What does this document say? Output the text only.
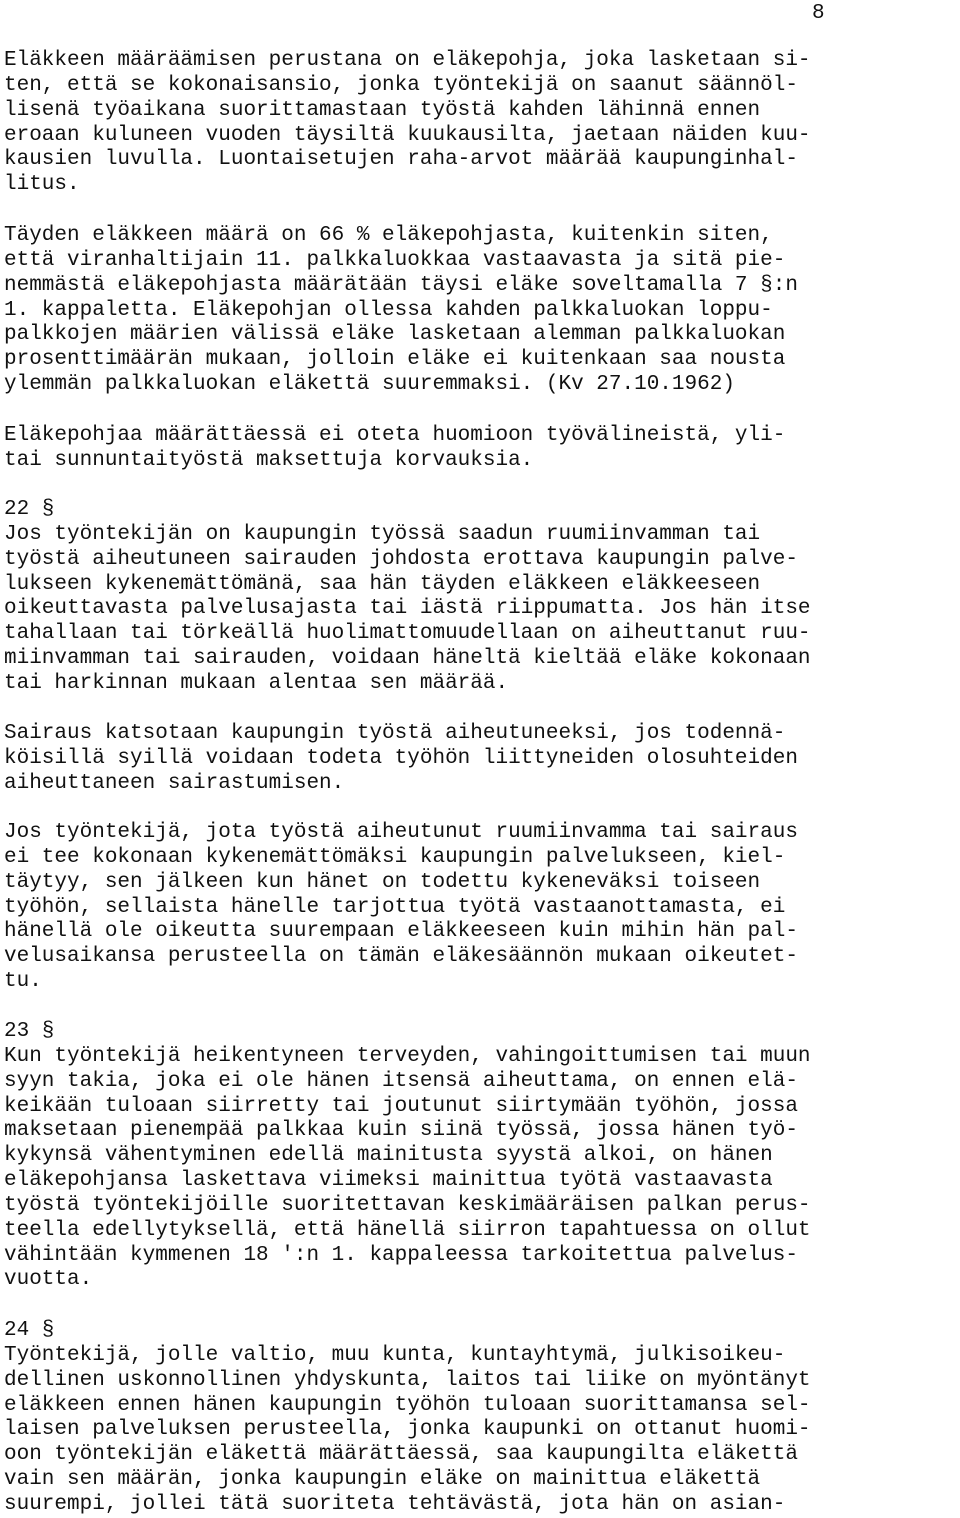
8
Eläkkeen määräämisen perustana on eläkepohja, joka lasketaan si-
ten, että se kokonaisansio, jonka työntekijä on saanut säännöl-
lisenä työaikana suorittamastaan työstä kahden lähinnä ennen
eroaan kuluneen vuoden täysiltä kuukausilta, jaetaan näiden kuu-
kausien luvulla. Luontaisetujen raha-arvot määrää kaupunginhal-
litus.
Täyden eläkkeen määrä on 66 % eläkepohjasta, kuitenkin siten,
että viranhaltijain 11. palkkaluokkaa vastaavasta ja sitä pie-
nemmästä eläkepohjasta määrätään täysi eläke soveltamalla 7 §:n
1. kappaletta. Eläkepohjan ollessa kahden palkkaluokan loppu-
palkkojen määrien välissä eläke lasketaan alemman palkkaluokan
prosenttimäärän mukaan, jolloin eläke ei kuitenkaan saa nousta
ylemmän palkkaluokan eläkettä suuremmaksi. (Kv 27.10.1962)
Eläkepohjaa määrättäessä ei oteta huomioon työvälineistä, yli-
tai sunnuntaityöstä maksettuja korvauksia.
22 §
Jos työntekijän on kaupungin työssä saadun ruumiinvamman tai
työstä aiheutuneen sairauden johdosta erottava kaupungin palve-
lukseen kykenemättömänä, saa hän täyden eläkkeen eläkkeeseen
oikeuttavasta palvelusajasta tai iästä riippumatta. Jos hän itse
tahallaan tai törkeällä huolimattomuudellaan on aiheuttanut ruu-
miinvamman tai sairauden, voidaan häneltä kieltää eläke kokonaan
tai harkinnan mukaan alentaa sen määrää.
Sairaus katsotaan kaupungin työstä aiheutuneeksi, jos todennä-
köisillä syillä voidaan todeta työhön liittyneiden olosuhteiden
aiheuttaneen sairastumisen.
Jos työntekijä, jota työstä aiheutunut ruumiinvamma tai sairaus
ei tee kokonaan kykenemättömäksi kaupungin palvelukseen, kiel-
täytyy, sen jälkeen kun hänet on todettu kykeneväksi toiseen
työhön, sellaista hänelle tarjottua työtä vastaanottamasta, ei
hänellä ole oikeutta suurempaan eläkkeeseen kuin mihin hän pal-
velusaikansa perusteella on tämän eläkesäännön mukaan oikeutet-
tu.
23 §
Kun työntekijä heikentyneen terveyden, vahingoittumisen tai muun
syyn takia, joka ei ole hänen itsensä aiheuttama, on ennen elä-
keikään tuloaan siirretty tai joutunut siirtymään työhön, jossa
maksetaan pienempää palkkaa kuin siinä työssä, jossa hänen työ-
kykynsä vähentyminen edellä mainitusta syystä alkoi, on hänen
eläkepohjansa laskettava viimeksi mainittua työtä vastaavasta
työstä työntekijöille suoritettavan keskimääräisen palkan perus-
teella edellytyksellä, että hänellä siirron tapahtuessa on ollut
vähintään kymmenen 18 ':n 1. kappaleessa tarkoitettua palvelus-
vuotta.
24 §
Työntekijä, jolle valtio, muu kunta, kuntayhtymä, julkisoikeu-
dellinen uskonnollinen yhdyskunta, laitos tai liike on myöntänyt
eläkkeen ennen hänen kaupungin työhön tuloaan suorittamansa sel-
laisen palveluksen perusteella, jonka kaupunki on ottanut huomi-
oon työntekijän eläkettä määrättäessä, saa kaupungilta eläkettä
vain sen määrän, jonka kaupungin eläke on mainittua eläkettä
suurempi, jollei tätä suoriteta tehtävästä, jota hän on asian-
